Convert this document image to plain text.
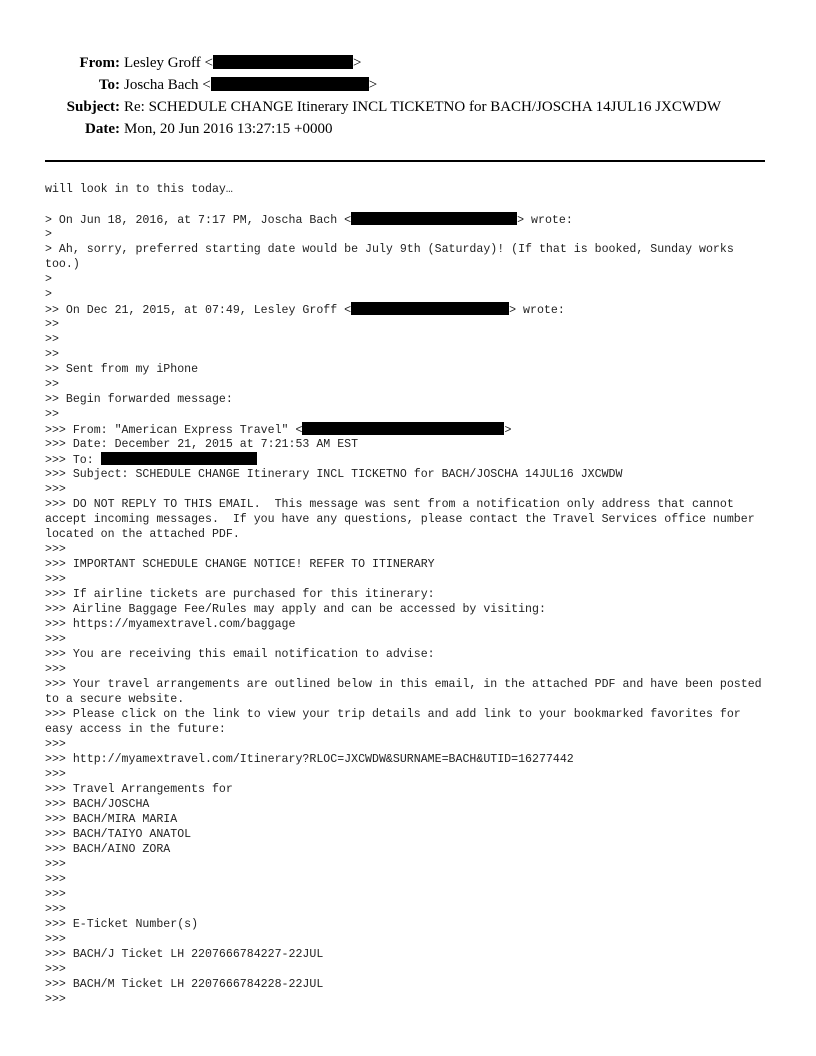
From: Lesley Groff <	>
To: Joscha Bach <	>
Subject: Re: SCHEDULE CHANGE Itinerary INCL TICKETNO for BACH/JOSCHA 14JUL16 JXCWDW
Date: Mon, 20 Jun 2016 13:27:15 +0000
will look in to this today…
> On Jun 18, 2016, at 7:17 PM, Joscha Bach <	> wrote:
>
> Ah, sorry, preferred starting date would be July 9th (Saturday)! (If that is booked, Sunday works too.)
>
>
>> On Dec 21, 2015, at 07:49, Lesley Groff <	> wrote:
>>
>>
>>
>> Sent from my iPhone
>>
>> Begin forwarded message:
>>
>>> From: "American Express Travel" <	>
>>> Date: December 21, 2015 at 7:21:53 AM EST
>>> To:
>>> Subject: SCHEDULE CHANGE Itinerary INCL TICKETNO for BACH/JOSCHA 14JUL16 JXCWDW
>>>
>>> DO NOT REPLY TO THIS EMAIL.  This message was sent from a notification only address that cannot accept incoming messages.  If you have any questions, please contact the Travel Services office number located on the attached PDF.
>>>
>>> IMPORTANT SCHEDULE CHANGE NOTICE! REFER TO ITINERARY
>>>
>>> If airline tickets are purchased for this itinerary:
>>> Airline Baggage Fee/Rules may apply and can be accessed by visiting:
>>> https://myamextravel.com/baggage
>>>
>>> You are receiving this email notification to advise:
>>>
>>> Your travel arrangements are outlined below in this email, in the attached PDF and have been posted to a secure website.
>>> Please click on the link to view your trip details and add link to your bookmarked favorites for easy access in the future:
>>>
>>> http://myamextravel.com/Itinerary?RLOC=JXCWDW&SURNAME=BACH&UTID=16277442
>>>
>>> Travel Arrangements for
>>> BACH/JOSCHA
>>> BACH/MIRA MARIA
>>> BACH/TAIYO ANATOL
>>> BACH/AINO ZORA
>>>
>>>
>>>
>>>
>>> E-Ticket Number(s)
>>>
>>> BACH/J Ticket LH 2207666784227-22JUL
>>>
>>> BACH/M Ticket LH 2207666784228-22JUL
>>>
